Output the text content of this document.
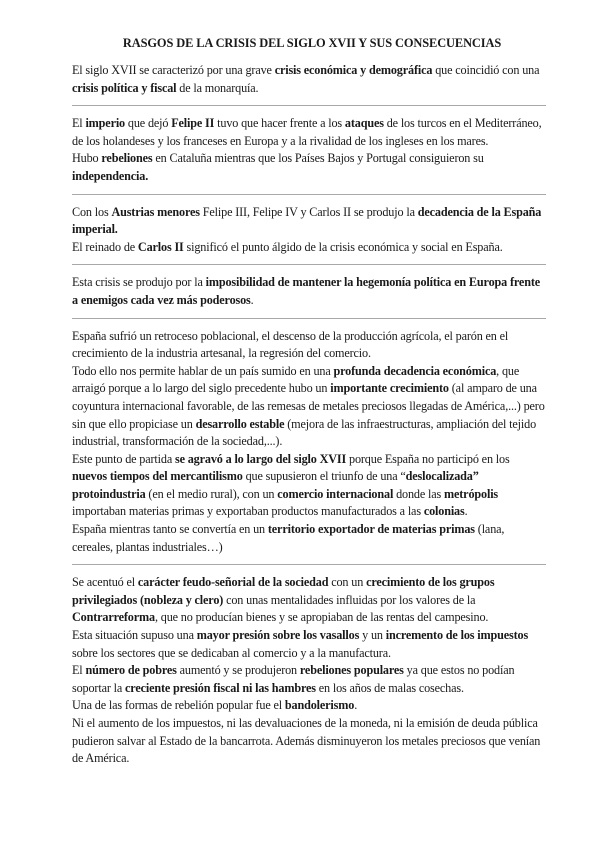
RASGOS DE LA CRISIS DEL SIGLO XVII Y SUS CONSECUENCIAS

El siglo XVII se caracterizó por una grave crisis económica y demográfica que coincidió con una crisis política y fiscal de la monarquía.

El imperio que dejó Felipe II tuvo que hacer frente a los ataques de los turcos en el Mediterráneo, de los holandeses y los franceses en Europa y a la rivalidad de los ingleses en los mares.

Hubo rebeliones en Cataluña mientras que los Países Bajos y Portugal consiguieron su independencia.

Con los Austrias menores Felipe III, Felipe IV y Carlos II se produjo la decadencia de la España imperial.

El reinado de Carlos II significó el punto álgido de la crisis económica y social en España.

Esta crisis se produjo por la imposibilidad de mantener la hegemonía política en Europa frente a enemigos cada vez más poderosos.

España sufrió un retroceso poblacional, el descenso de la producción agrícola, el parón en el crecimiento de la industria artesanal, la regresión del comercio.

Todo ello nos permite hablar de un país sumido en una profunda decadencia económica, que arraigó porque a lo largo del siglo precedente hubo un importante crecimiento (al amparo de una coyuntura internacional favorable, de las remesas de metales preciosos llegadas de América,...) pero sin que ello propiciase un desarrollo estable (mejora de las infraestructuras, ampliación del tejido industrial, transformación de la sociedad,...).

Este punto de partida se agravó a lo largo del siglo XVII porque España no participó en los nuevos tiempos del mercantilismo que supusieron el triunfo de una “deslocalizada” protoindustria (en el medio rural), con un comercio internacional donde las metrópolis importaban materias primas y exportaban productos manufacturados a las colonias.

España mientras tanto se convertía en un territorio exportador de materias primas (lana, cereales, plantas industriales…)

Se acentuó el carácter feudo-señorial de la sociedad con un crecimiento de los grupos privilegiados (nobleza y clero) con unas mentalidades influidas por los valores de la Contrarreforma, que no producían bienes y se apropiaban de las rentas del campesino.

Esta situación supuso una mayor presión sobre los vasallos y un incremento de los impuestos sobre los sectores que se dedicaban al comercio y a la manufactura.

El número de pobres aumentó y se produjeron rebeliones populares ya que estos no podían soportar la creciente presión fiscal ni las hambres en los años de malas cosechas.

Una de las formas de rebelión popular fue el bandolerismo.

Ni el aumento de los impuestos, ni las devaluaciones de la moneda, ni la emisión de deuda pública pudieron salvar al Estado de la bancarrota. Además disminuyeron los metales preciosos que venían de América.
